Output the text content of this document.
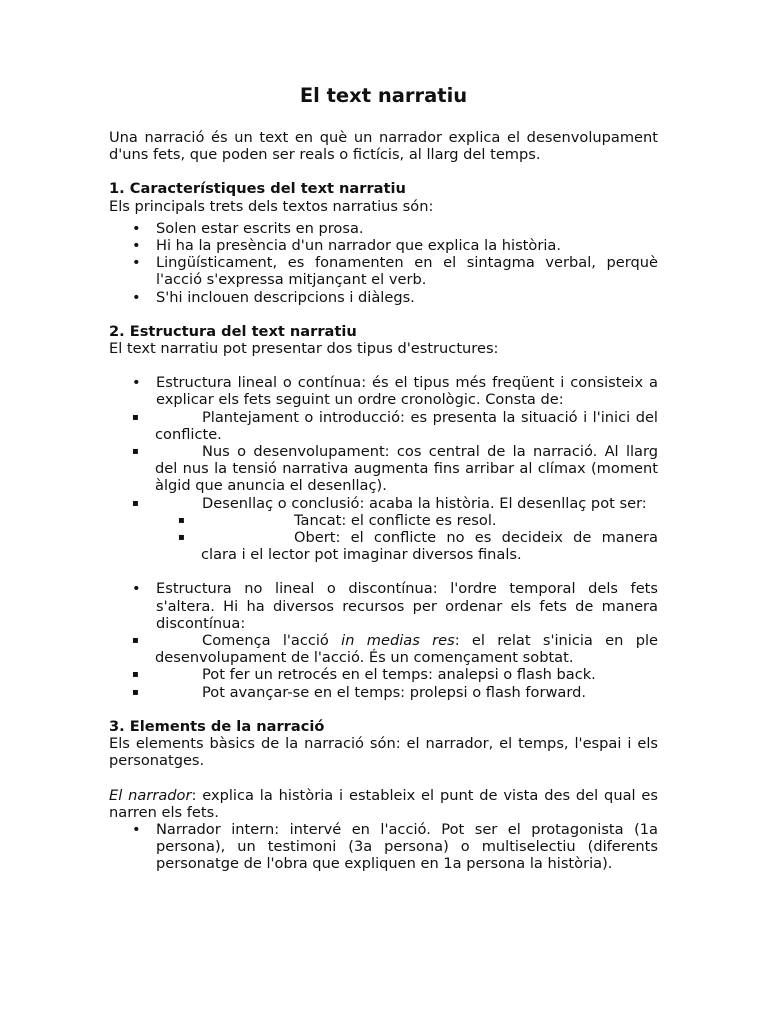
El text narratiu

Una narració és un text en què un narrador explica el desenvolupament d'uns fets, que poden ser reals o fictícis, al llarg del temps.

1. Característiques del text narratiu

Els principals trets dels textos narratius són:

• Solen estar escrits en prosa.
• Hi ha la presència d'un narrador que explica la història.
• Lingüísticament, es fonamenten en el sintagma verbal, perquè l'acció s'expressa mitjançant el verb.
• S'hi inclouen descripcions i diàlegs.
2. Estructura del text narratiu

El text narratiu pot presentar dos tipus d'estructures:

• Estructura lineal o contínua: és el tipus més freqüent i consisteix a explicar els fets seguint un ordre cronològic. Consta de:
▪	Plantejament o introducció: es presenta la situació i l'inici del conflicte.
▪	Nus o desenvolupament: cos central de la narració. Al llarg del nus la tensió narrativa augmenta fins arribar al clímax (moment àlgid que anuncia el desenllaç).
▪	Desenllaç o conclusió: acaba la història. El desenllaç pot ser:
▪	Tancat: el conflicte es resol.
▪	Obert: el conflicte no es decideix de manera clara i el lector pot imaginar diversos finals.
• Estructura no lineal o discontínua: l'ordre temporal dels fets s'altera. Hi ha diversos recursos per ordenar els fets de manera discontínua:
▪	Comença l'acció in medias res: el relat s'inicia en ple desenvolupament de l'acció. És un començament sobtat.
▪	Pot fer un retrocés en el temps: analepsi o flash back.
▪	Pot avançar-se en el temps: prolepsi o flash forward.
3. Elements de la narració

Els elements bàsics de la narració són: el narrador, el temps, l'espai i els personatges.

El narrador: explica la història i estableix el punt de vista des del qual es narren els fets.

• Narrador intern: intervé en l'acció. Pot ser el protagonista (1a persona), un testimoni (3a persona) o multiselectiu (diferents personatge de l'obra que expliquen en 1a persona la història).
